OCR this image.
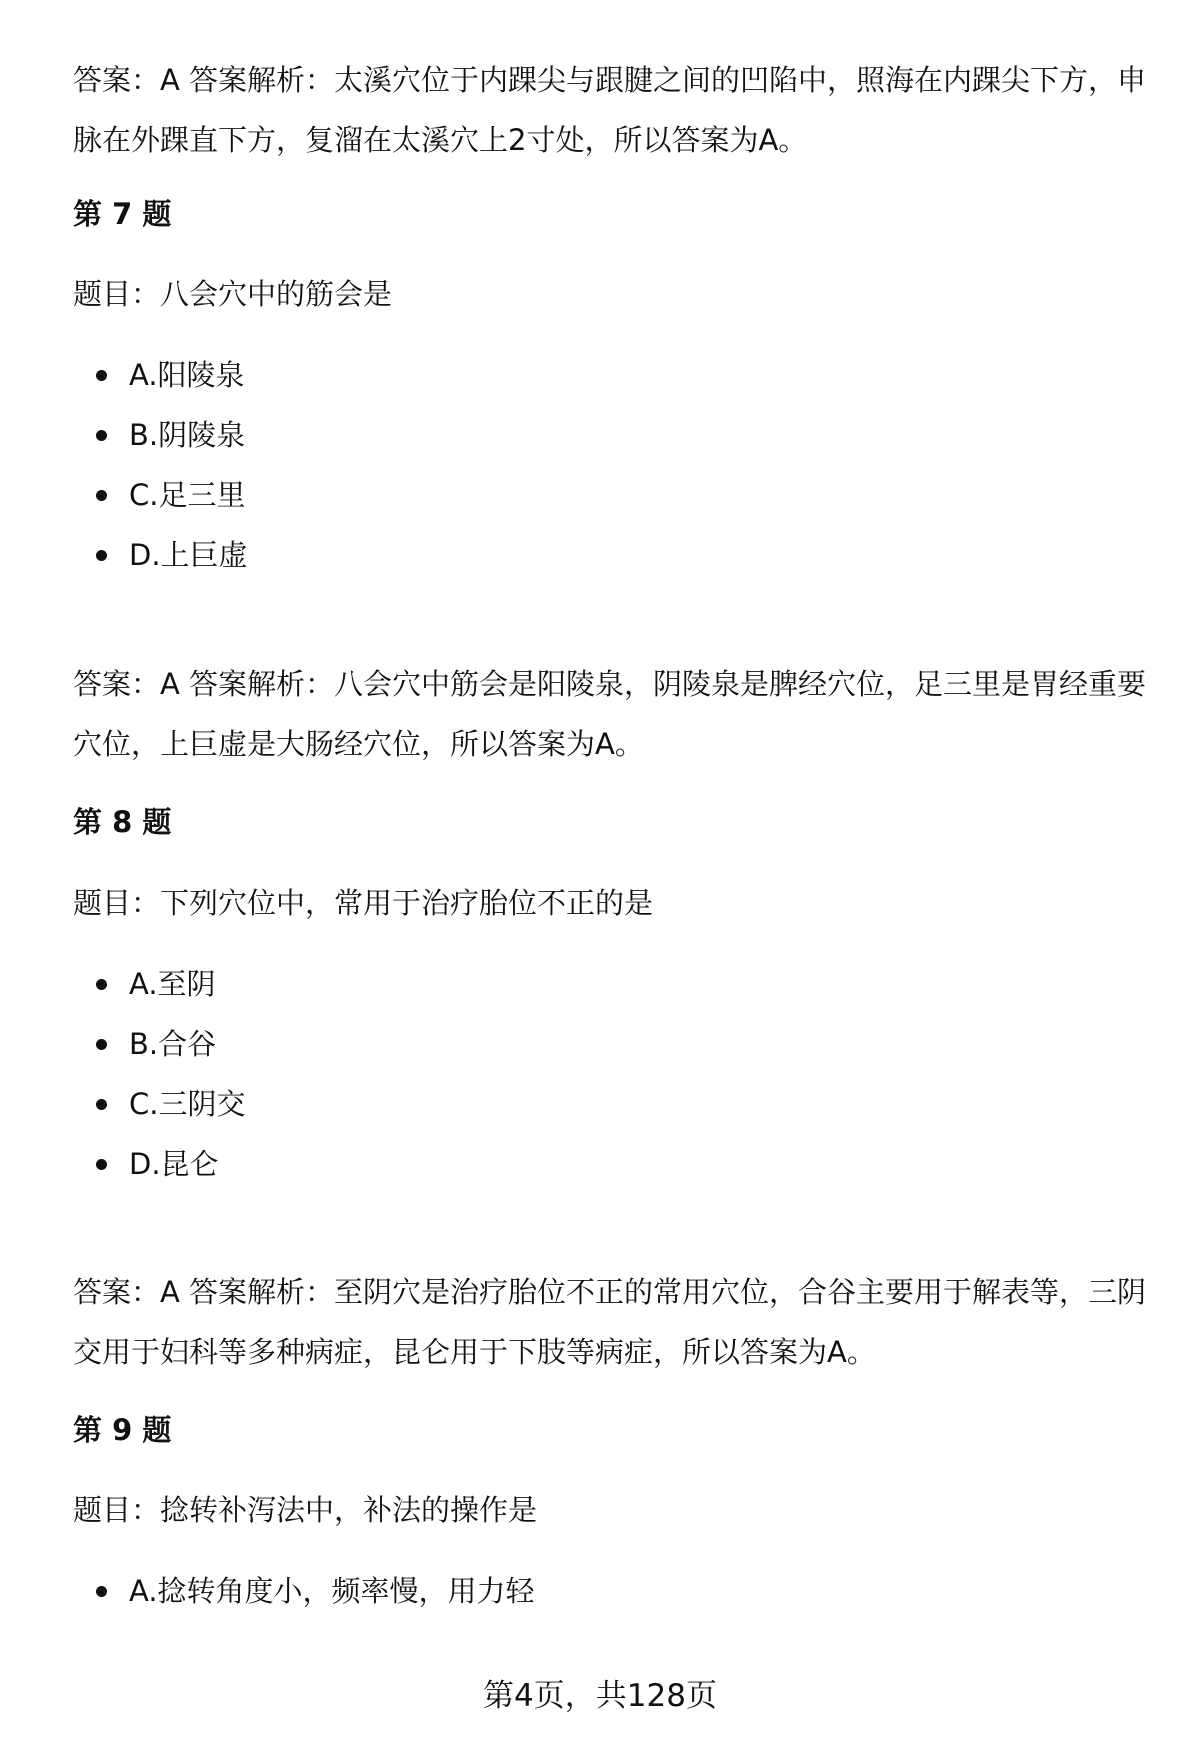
答案：A 答案解析：太溪穴位于内踝尖与跟腱之间的凹陷中，照海在内踝尖下方，申脉在外踝直下方，复溜在太溪穴上2寸处，所以答案为A。

第 7 题
题目：八会穴中的筋会是
A.阳陵泉
B.阴陵泉
C.足三里
D.上巨虚

答案：A 答案解析：八会穴中筋会是阳陵泉，阴陵泉是脾经穴位，足三里是胃经重要穴位，上巨虚是大肠经穴位，所以答案为A。

第 8 题
题目：下列穴位中，常用于治疗胎位不正的是
A.至阴
B.合谷
C.三阴交
D.昆仑

答案：A 答案解析：至阴穴是治疗胎位不正的常用穴位，合谷主要用于解表等，三阴交用于妇科等多种病症，昆仑用于下肢等病症，所以答案为A。

第 9 题
题目：捻转补泻法中，补法的操作是
A.捻转角度小，频率慢，用力轻
第4页，共128页
